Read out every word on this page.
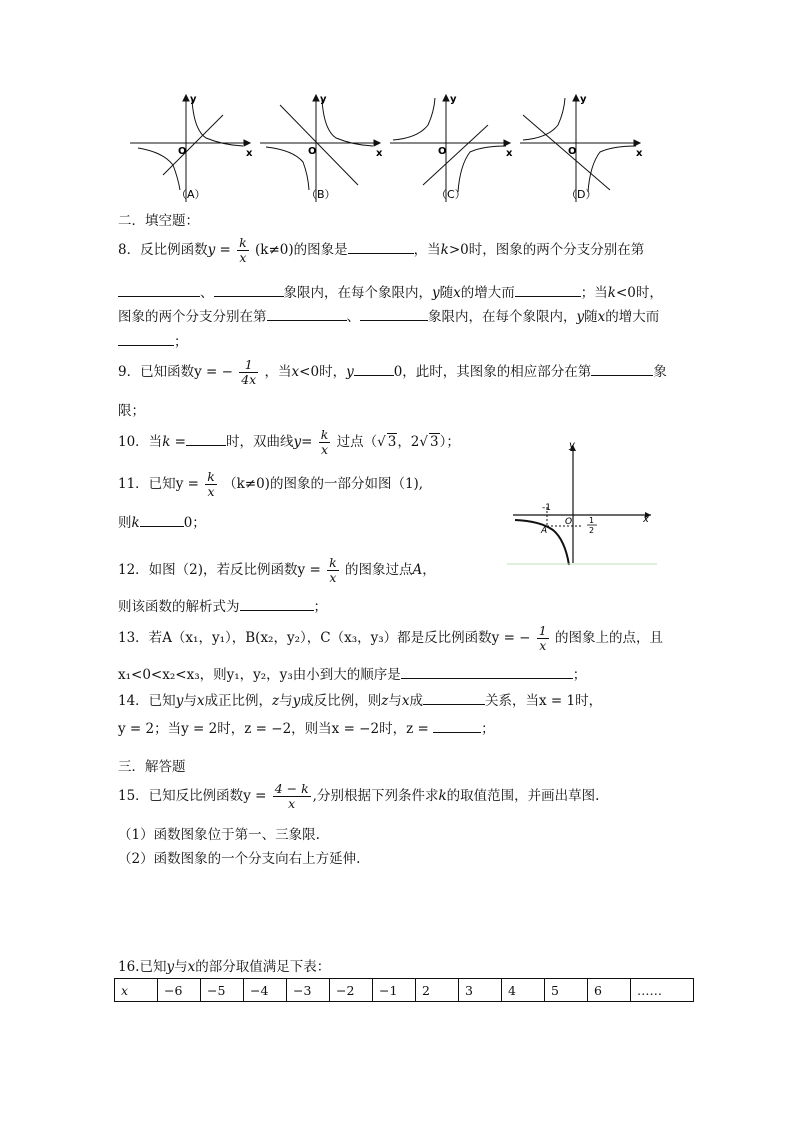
y
x
O
（A）
y
x
O
（B）
y
x
O
（C）
y
x
O
（D）
二．填空题：
8．反比例函数$y = \frac{k}{x} (k\ne 0)$的图象是	，当k>0时，图象的两个分支分别在第
、	象限内，在每个象限内，y随x的增大而	；当k<0时，
图象的两个分支分别在第	、	象限内，在每个象限内，y随x的增大而
；
9．已知函数y = − $\frac{1}{4x}$ ，当x<0时，y	0，此时，其图象的相应部分在第	象
限；
10．当k =	时，双曲线$y= \frac{k}{x}$ 过点（√ 3，2√ 3）；
11．已知$y = \frac{k}{x} (k\ne 0)$的图象的一部分如图（1),
则k	0；
y
x
O
-1
A
1
2
12．如图（2)，若反比例函数$y = \frac{k}{x}$ 的图象过点A，
则该函数的解析式为	；
13．若A（x₁，y₁），B(x₂，y₂），C（x₃，y₃）都是反比例函数y = − $\frac{1}{x}$ 的图象上的点，且
x₁<0<x₂<x₃，则y₁，y₂，y₃由小到大的顺序是	；
14．已知y与x成正比例，z与y成反比例，则z与x成	关系，当x = 1时，
y = 2；当y = 2时，z = −2，则当x = −2时，z =	；
三．解答题
15．已知反比例函数$y = \frac{4 - k}{x}$ ,分别根据下列条件求k的取值范围，并画出草图.
（1）函数图象位于第一、三象限.
（2）函数图象的一个分支向右上方延伸.
16.已知y与x的部分取值满足下表：
x	−6	−5	−4	−3	−2	−1	2	3	4	5	6	……
